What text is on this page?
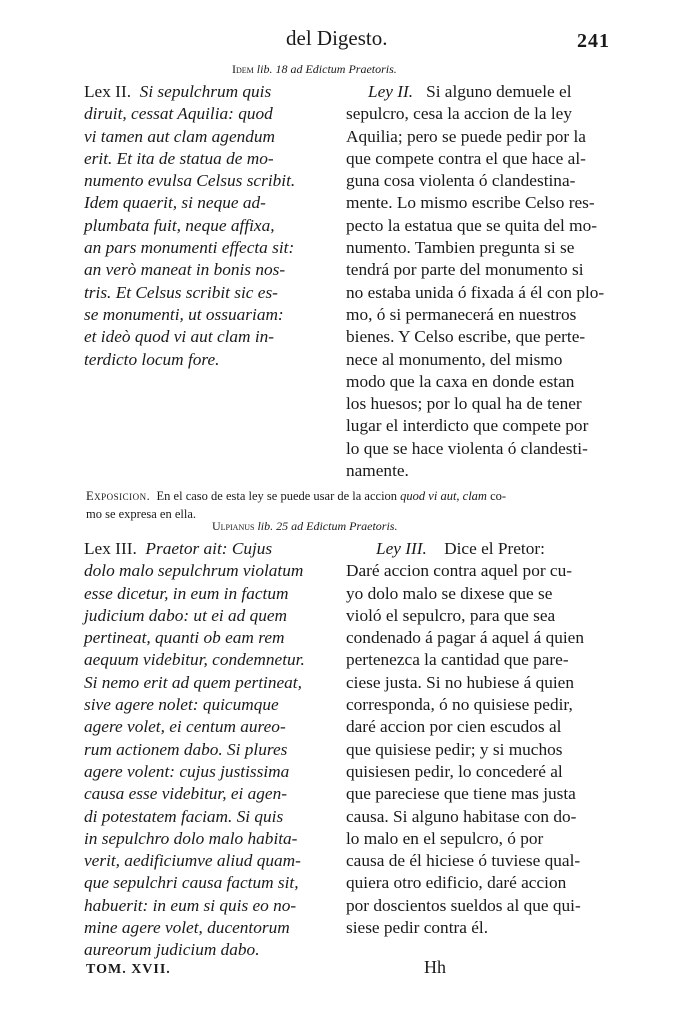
del Digesto.	241
Idem lib. 18 ad Edictum Praetoris.
Lex II. Si sepulchrum quis
diruit, cessat Aquilia: quod
vi tamen aut clam agendum
erit. Et ita de statua de mo-
numento evulsa Celsus scribit.
Idem quaerit, si neque ad-
plumbata fuit, neque affixa,
an pars monumenti effecta sit:
an verò maneat in bonis nos-
tris. Et Celsus scribit sic es-
se monumenti, ut ossuariam:
et ideò quod vi aut clam in-
terdicto locum fore.
Ley II. Si alguno demuele el
sepulcro, cesa la accion de la ley
Aquilia; pero se puede pedir por la
que compete contra el que hace al-
guna cosa violenta ó clandestina-
mente. Lo mismo escribe Celso res-
pecto la estatua que se quita del mo-
numento. Tambien pregunta si se
tendrá por parte del monumento si
no estaba unida ó fixada á él con plo-
mo, ó si permanecerá en nuestros
bienes. Y Celso escribe, que perte-
nece al monumento, del mismo
modo que la caxa en donde estan
los huesos; por lo qual ha de tener
lugar el interdicto que compete por
lo que se hace violenta ó clandesti-
namente.
Exposicion. En el caso de esta ley se puede usar de la accion quod vi aut, clam co-
mo se expresa en ella.
Ulpianus lib. 25 ad Edictum Praetoris.
Lex III. Praetor ait: Cujus
dolo malo sepulchrum violatum
esse dicetur, in eum in factum
judicium dabo: ut ei ad quem
pertineat, quanti ob eam rem
aequum videbitur, condemnetur.
Si nemo erit ad quem pertineat,
sive agere nolet: quicumque
agere volet, ei centum aureo-
rum actionem dabo. Si plures
agere volent: cujus justissima
causa esse videbitur, ei agen-
di potestatem faciam. Si quis
in sepulchro dolo malo habita-
verit, aedificiumve aliud quam-
que sepulchri causa factum sit,
habuerit: in eum si quis eo no-
mine agere volet, ducentorum
aureorum judicium dabo.
Ley III. Dice el Pretor:
Daré accion contra aquel por cu-
yo dolo malo se dixese que se
violó el sepulcro, para que sea
condenado á pagar á aquel á quien
pertenezca la cantidad que pare-
ciese justa. Si no hubiese á quien
corresponda, ó no quisiese pedir,
daré accion por cien escudos al
que quisiese pedir; y si muchos
quisiesen pedir, lo concederé al
que pareciese que tiene mas justa
causa. Si alguno habitase con do-
lo malo en el sepulcro, ó por
causa de él hiciese ó tuviese qual-
quiera otro edificio, daré accion
por doscientos sueldos al que qui-
siese pedir contra él.
TOM. XVII.	Hh
